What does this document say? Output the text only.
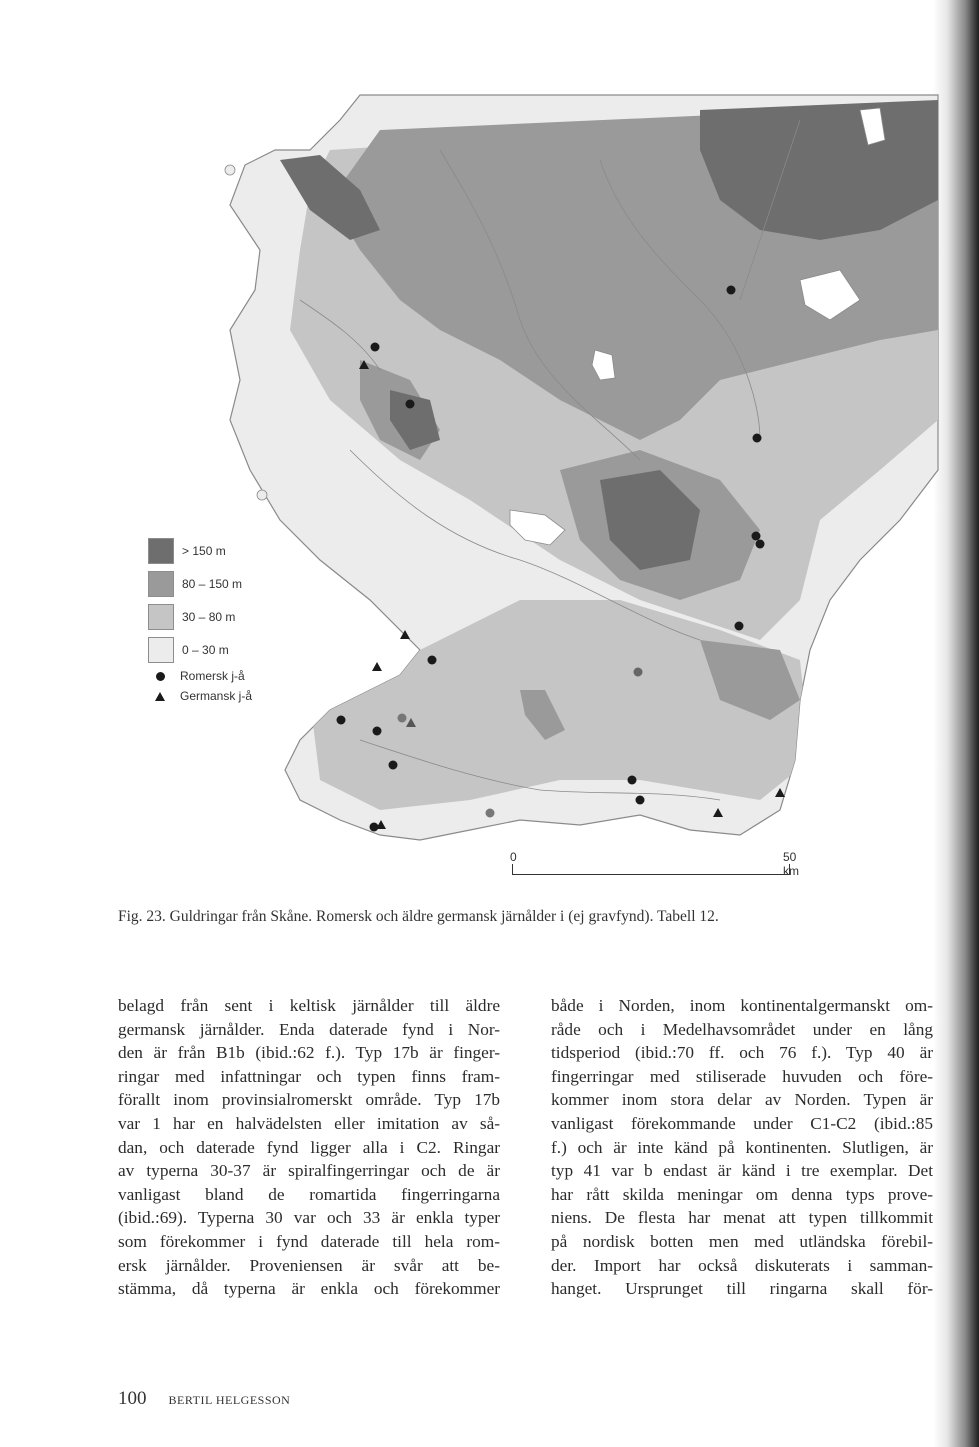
> 150 m
80 – 150 m
30 – 80 m
0 – 30 m
Romersk j-å
Germansk j-å
0	50 km
Fig. 23. Guldringar från Skåne. Romersk och äldre germansk järnålder i (ej gravfynd). Tabell 12.
belagd från sent i keltisk järnålder till äldre
germansk järnålder. Enda daterade fynd i Nor-
den är från B1b (ibid.:62 f.). Typ 17b är finger-
ringar med infattningar och typen finns fram-
förallt inom provinsialromerskt område. Typ 17b
var 1 har en halvädelsten eller imitation av så-
dan, och daterade fynd ligger alla i C2. Ringar
av typerna 30-37 är spiralfingerringar och de är
vanligast bland de romartida fingerringarna
(ibid.:69). Typerna 30 var och 33 är enkla typer
som förekommer i fynd daterade till hela rom-
ersk järnålder. Proveniensen är svår att be-
stämma, då typerna är enkla och förekommer
både i Norden, inom kontinentalgermanskt om-
råde och i Medelhavsområdet under en lång
tidsperiod (ibid.:70 ff. och 76 f.). Typ 40 är
fingerringar med stiliserade huvuden och före-
kommer inom stora delar av Norden. Typen är
vanligast förekommande under C1-C2 (ibid.:85
f.) och är inte känd på kontinenten. Slutligen, är
typ 41 var b endast är känd i tre exemplar. Det
har rått skilda meningar om denna typs prove-
niens. De flesta har menat att typen tillkommit
på nordisk botten men med utländska förebil-
der. Import har också diskuterats i samman-
hanget. Ursprunget till ringarna skall för-
100 BERTIL HELGESSON
